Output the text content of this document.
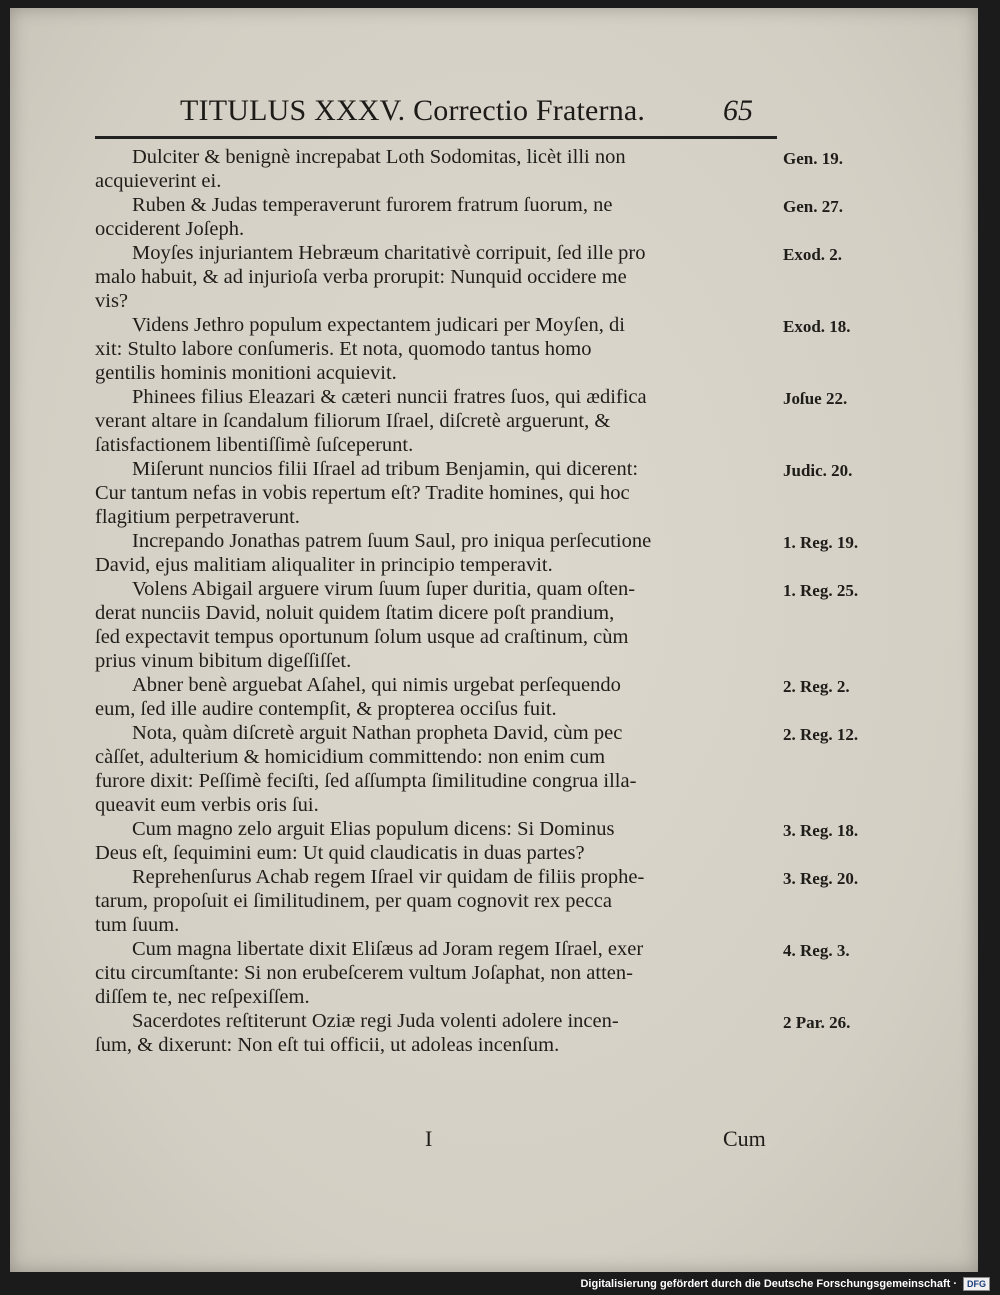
TITULUS XXXV. Correctio Fraterna.	65
Dulciter & benignè increpabat Loth Sodomitas, licèt illi non
acquieverint ei.
Gen. 19.
Ruben & Judas temperaverunt furorem fratrum ſuorum, ne
occiderent Joſeph.
Gen. 27.
Moyſes injuriantem Hebræum charitativè corripuit, ſed ille pro
malo habuit, & ad injurioſa verba prorupit: Nunquid occidere me
vis?
Exod. 2.
Videns Jethro populum expectantem judicari per Moyſen, di
xit: Stulto labore conſumeris. Et nota, quomodo tantus homo
gentilis hominis monitioni acquievit.
Exod. 18.
Phinees filius Eleazari & cæteri nuncii fratres ſuos, qui ædifica
verant altare in ſcandalum filiorum Iſrael, diſcretè arguerunt, &
ſatisfactionem libentiſſimè ſuſceperunt.
Joſue 22.
Miſerunt nuncios filii Iſrael ad tribum Benjamin, qui dicerent:
Cur tantum nefas in vobis repertum eſt? Tradite homines, qui hoc
flagitium perpetraverunt.
Judic. 20.
Increpando Jonathas patrem ſuum Saul, pro iniqua perſecutione
David, ejus malitiam aliqualiter in principio temperavit.
1. Reg. 19.
Volens Abigail arguere virum ſuum ſuper duritia, quam oſten-
derat nunciis David, noluit quidem ſtatim dicere poſt prandium,
ſed expectavit tempus oportunum ſolum usque ad craſtinum, cùm
prius vinum bibitum digeſſiſſet.
1. Reg. 25.
Abner benè arguebat Aſahel, qui nimis urgebat perſequendo
eum, ſed ille audire contempſit, & propterea occiſus fuit.
2. Reg. 2.
Nota, quàm diſcretè arguit Nathan propheta David, cùm pec
càſſet, adulterium & homicidium committendo: non enim cum
furore dixit: Peſſimè feciſti, ſed aſſumpta ſimilitudine congrua illa-
queavit eum verbis oris ſui.
2. Reg. 12.
Cum magno zelo arguit Elias populum dicens: Si Dominus
Deus eſt, ſequimini eum: Ut quid claudicatis in duas partes?
3. Reg. 18.
Reprehenſurus Achab regem Iſrael vir quidam de filiis prophe-
tarum, propoſuit ei ſimilitudinem, per quam cognovit rex pecca
tum ſuum.
3. Reg. 20.
Cum magna libertate dixit Eliſæus ad Joram regem Iſrael, exer
citu circumſtante: Si non erubeſcerem vultum Joſaphat, non atten-
diſſem te, nec reſpexiſſem.
4. Reg. 3.
Sacerdotes reſtiterunt Oziæ regi Juda volenti adolere incen-
ſum, & dixerunt: Non eſt tui officii, ut adoleas incenſum.
2 Par. 26.
I	Cum
Digitalisierung gefördert durch die Deutsche Forschungsgemeinschaft ·	DFG
